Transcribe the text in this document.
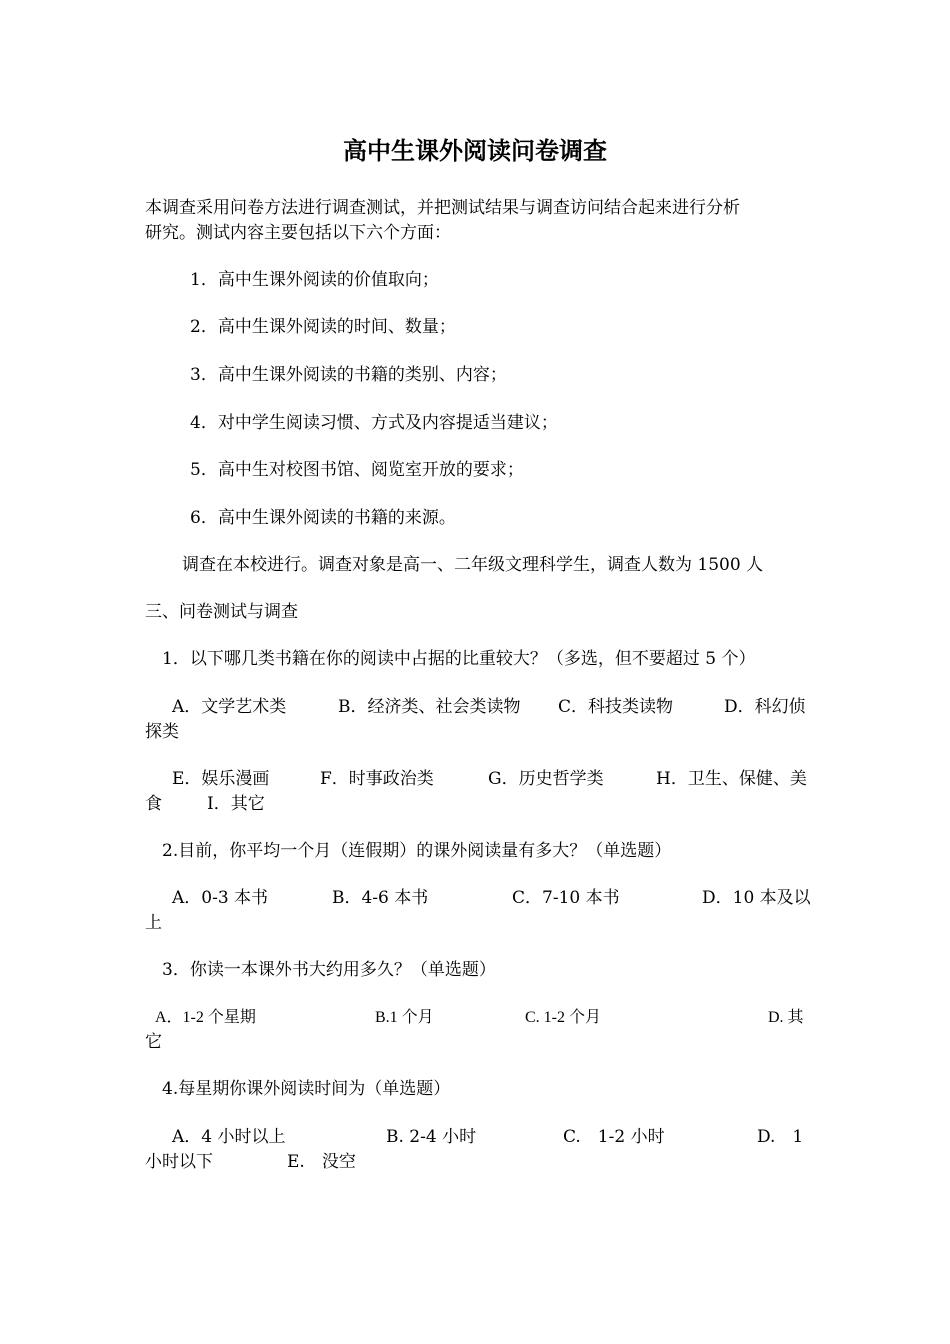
高中生课外阅读问卷调查
本调查采用问卷方法进行调查测试，并把测试结果与调查访问结合起来进行分析
研究。测试内容主要包括以下六个方面：
1．高中生课外阅读的价值取向；
2．高中生课外阅读的时间、数量；
3．高中生课外阅读的书籍的类别、内容；
4．对中学生阅读习惯、方式及内容提适当建议；
5．高中生对校图书馆、阅览室开放的要求；
6．高中生课外阅读的书籍的来源。
调查在本校进行。调查对象是高一、二年级文理科学生，调查人数为 1500 人
三、问卷测试与调查
1．以下哪几类书籍在你的阅读中占据的比重较大？（多选，但不要超过 5 个）
A．文学艺术类	B．经济类、社会类读物 C．科技类读物	D．科幻侦
探类
E．娱乐漫画	F．时事政治类	G．历史哲学类	H．卫生、保健、美
食	I．其它
2.目前，你平均一个月（连假期）的课外阅读量有多大？（单选题）
A．0-3 本书	B．4-6 本书	C．7-10 本书	D．10 本及以
上
3．你读一本课外书大约用多久？（单选题）
A．1-2 个星期	B.1 个月	C. 1-2 个月	D. 其
它
4.每星期你课外阅读时间为（单选题）
A．4 小时以上	B. 2-4 小时	C.　1-2 小时	D.　1
小时以下	E.　没空
